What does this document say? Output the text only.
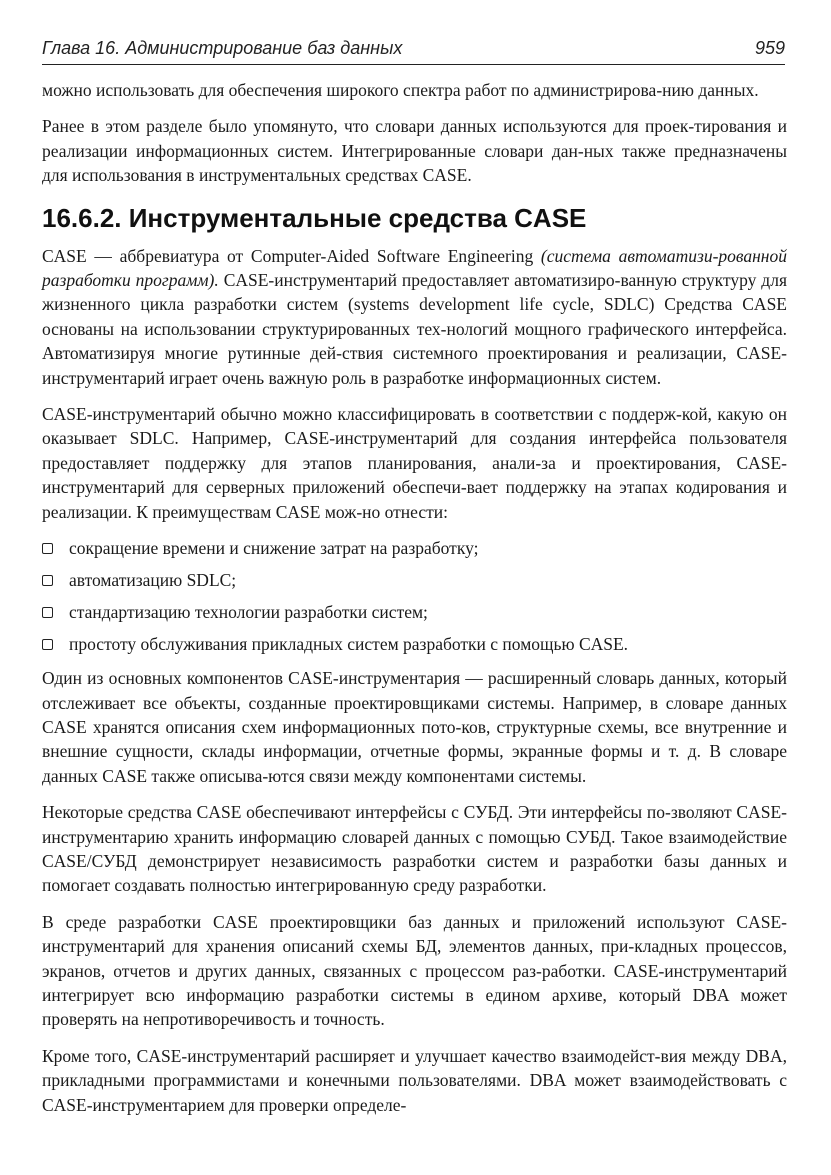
Глава 16. Администрирование баз данных	959

можно использовать для обеспечения широкого спектра работ по администрирова-нию данных.

Ранее в этом разделе было упомянуто, что словари данных используются для проек-тирования и реализации информационных систем. Интегрированные словари дан-ных также предназначены для использования в инструментальных средствах CASE.

16.6.2. Инструментальные средства CASE

CASE — аббревиатура от Computer-Aided Software Engineering (система автоматизи-рованной разработки программ). CASE-инструментарий предоставляет автоматизиро-ванную структуру для жизненного цикла разработки систем (systems development life cycle, SDLC) Средства CASE основаны на использовании структурированных тех-нологий мощного графического интерфейса. Автоматизируя многие рутинные дей-ствия системного проектирования и реализации, CASE-инструментарий играет очень важную роль в разработке информационных систем.

CASE-инструментарий обычно можно классифицировать в соответствии с поддерж-кой, какую он оказывает SDLC. Например, CASE-инструментарий для создания интерфейса пользователя предоставляет поддержку для этапов планирования, анали-за и проектирования, CASE-инструментарий для серверных приложений обеспечи-вает поддержку на этапах кодирования и реализации. К преимуществам CASE мож-но отнести:

сокращение времени и снижение затрат на разработку;
автоматизацию SDLC;
стандартизацию технологии разработки систем;
простоту обслуживания прикладных систем разработки с помощью CASE.

Один из основных компонентов CASE-инструментария — расширенный словарь данных, который отслеживает все объекты, созданные проектировщиками системы. Например, в словаре данных CASE хранятся описания схем информационных пото-ков, структурные схемы, все внутренние и внешние сущности, склады информации, отчетные формы, экранные формы и т. д. В словаре данных CASE также описыва-ются связи между компонентами системы.

Некоторые средства CASE обеспечивают интерфейсы с СУБД. Эти интерфейсы по-зволяют CASE-инструментарию хранить информацию словарей данных с помощью СУБД. Такое взаимодействие CASE/СУБД демонстрирует независимость разработки систем и разработки базы данных и помогает создавать полностью интегрированную среду разработки.

В среде разработки CASE проектировщики баз данных и приложений используют CASE-инструментарий для хранения описаний схемы БД, элементов данных, при-кладных процессов, экранов, отчетов и других данных, связанных с процессом раз-работки. CASE-инструментарий интегрирует всю информацию разработки системы в едином архиве, который DBA может проверять на непротиворечивость и точность.

Кроме того, CASE-инструментарий расширяет и улучшает качество взаимодейст-вия между DBA, прикладными программистами и конечными пользователями. DBA может взаимодействовать с CASE-инструментарием для проверки определе-
